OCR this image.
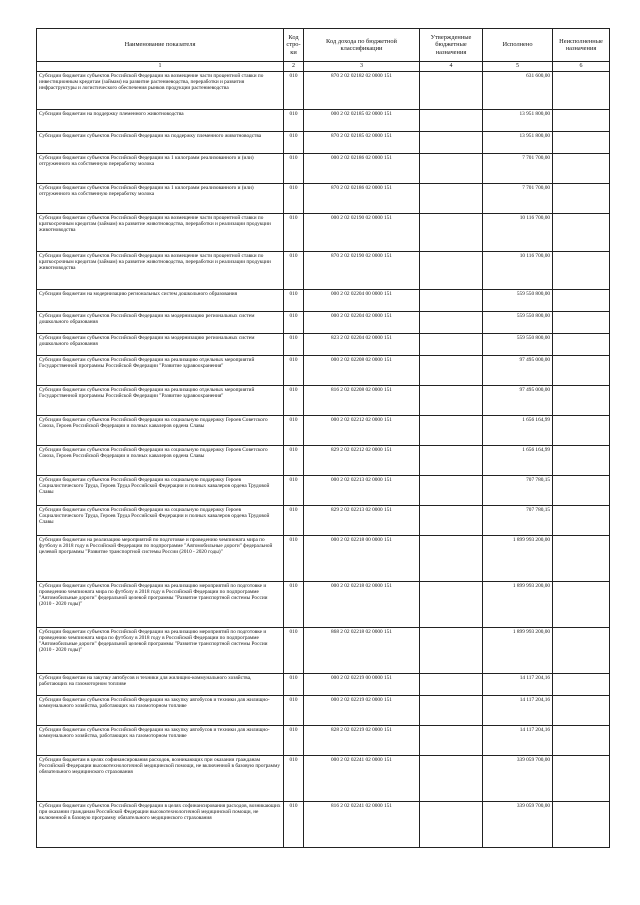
Наименование показателя	Код стро-ки	Код дохода по бюджетной классификации	Утвержденные бюджетные назначения	Исполнено	Неисполненные назначения
1	2	3	4	5	6
Субсидии бюджетам субъектов Российской Федерации на возмещение части процентной ставки по инвестиционным кредитам (займам) на развитие растениеводства, переработки и развития инфраструктуры и логистического обеспечения рынков продукции растениеводства	010	870 2 02 02182 02 0000 151		631 600,00	
Субсидии бюджетам на поддержку племенного животноводства	010	000 2 02 02185 02 0000 151		13 951 800,00	
Субсидии бюджетам субъектов Российской Федерации на поддержку племенного животноводства	010	870 2 02 02185 02 0000 151		13 951 800,00	
Субсидии бюджетам субъектов Российской Федерации на 1 килограмм реализованного и (или) отгруженного на собственную переработку молока	010	000 2 02 02186 02 0000 151		7 701 700,00	
Субсидии бюджетам субъектов Российской Федерации на 1 килограмм реализованного и (или) отгруженного на собственную переработку молока	010	870 2 02 02186 02 0000 151		7 701 700,00	
Субсидии бюджетам субъектов Российской Федерации на возмещение части процентной ставки по краткосрочным кредитам (займам) на развитие животноводства, переработки и реализации продукции животноводства	010	000 2 02 02190 02 0000 151		10 116 700,00	
Субсидии бюджетам субъектов Российской Федерации на возмещение части процентной ставки по краткосрочным кредитам (займам) на развитие животноводства, переработки и реализации продукции животноводства	010	870 2 02 02190 02 0000 151		10 116 700,00	
Субсидии бюджетам на модернизацию региональных систем дошкольного образования	010	000 2 02 02204 00 0000 151		559 550 800,00	
Субсидии бюджетам субъектов Российской Федерации на модернизацию региональных систем дошкольного образования	010	000 2 02 02204 02 0000 151		559 550 800,00	
Субсидии бюджетам субъектов Российской Федерации на модернизацию региональных систем дошкольного образования	010	823 2 02 02204 02 0000 151		559 550 800,00	
Субсидии бюджетам субъектов Российской Федерации на реализацию отдельных мероприятий Государственной программы Российской Федерации "Развитие здравоохранения"	010	000 2 02 02208 02 0000 151		97 495 000,00	
Субсидии бюджетам субъектов Российской Федерации на реализацию отдельных мероприятий Государственной программы Российской Федерации "Развитие здравоохранения"	010	816 2 02 02208 02 0000 151		97 495 000,00	
Субсидии бюджетам субъектов Российской Федерации на социальную поддержку Героев Советского Союза, Героев Российской Федерации и полных кавалеров ордена Славы	010	000 2 02 02212 02 0000 151		1 656 164,99	
Субсидии бюджетам субъектов Российской Федерации на социальную поддержку Героев Советского Союза, Героев Российской Федерации и полных кавалеров ордена Славы	010	829 2 02 02212 02 0000 151		1 656 164,99	
Субсидии бюджетам субъектов Российской Федерации на социальную поддержку Героев Социалистического Труда, Героев Труда Российской Федерации и полных кавалеров ордена Трудовой Славы	010	000 2 02 02213 02 0000 151		707 780,15	
Субсидии бюджетам субъектов Российской Федерации на социальную поддержку Героев Социалистического Труда, Героев Труда Российской Федерации и полных кавалеров ордена Трудовой Славы	010	829 2 02 02213 02 0000 151		707 780,15	
Субсидии бюджетам на реализацию мероприятий по подготовке и проведению чемпионата мира по футболу в 2018 году в Российской Федерации по подпрограмме "Автомобильные дороги" федеральной целевой программы "Развитие транспортной системы России (2010 - 2020 годы)"	010	000 2 02 02218 00 0000 151		1 899 993 200,00	
Субсидии бюджетам субъектов Российской Федерации на реализацию мероприятий по подготовке и проведению чемпионата мира по футболу в 2018 году в Российской Федерации по подпрограмме "Автомобильные дороги" федеральной целевой программы "Развитие транспортной системы России (2010 - 2020 годы)"	010	000 2 02 02218 02 0000 151		1 899 993 200,00	
Субсидии бюджетам субъектов Российской Федерации на реализацию мероприятий по подготовке и проведению чемпионата мира по футболу в 2018 году в Российской Федерации по подпрограмме "Автомобильные дороги" федеральной целевой программы "Развитие транспортной системы России (2010 - 2020 годы)"	010	868 2 02 02218 02 0000 151		1 899 993 200,00	
Субсидии бюджетам на закупку автобусов и техники для жилищно-коммунального хозяйства, работающих на газомоторном топливе	010	000 2 02 02219 00 0000 151		14 117 204,16	
Субсидии бюджетам субъектов Российской Федерации на закупку автобусов и техники для жилищно-коммунального хозяйства, работающих на газомоторном топливе	010	000 2 02 02219 02 0000 151		14 117 204,16	
Субсидии бюджетам субъектов Российской Федерации на закупку автобусов и техники для жилищно-коммунального хозяйства, работающих на газомоторном топливе	010	828 2 02 02219 02 0000 151		14 117 204,16	
Субсидии бюджетам в целях софинансирования расходов, возникающих при оказании гражданам Российской Федерации высокотехнологичной медицинской помощи, не включенной в базовую программу обязательного медицинского страхования	010	000 2 02 02241 02 0000 151		339 059 700,00	
Субсидии бюджетам субъектов Российской Федерации в целях софинансирования расходов, возникающих при оказании гражданам Российской Федерации высокотехнологичной медицинской помощи, не включенной в базовую программу обязательного медицинского страхования	010	816 2 02 02241 02 0000 151		339 059 700,00	
